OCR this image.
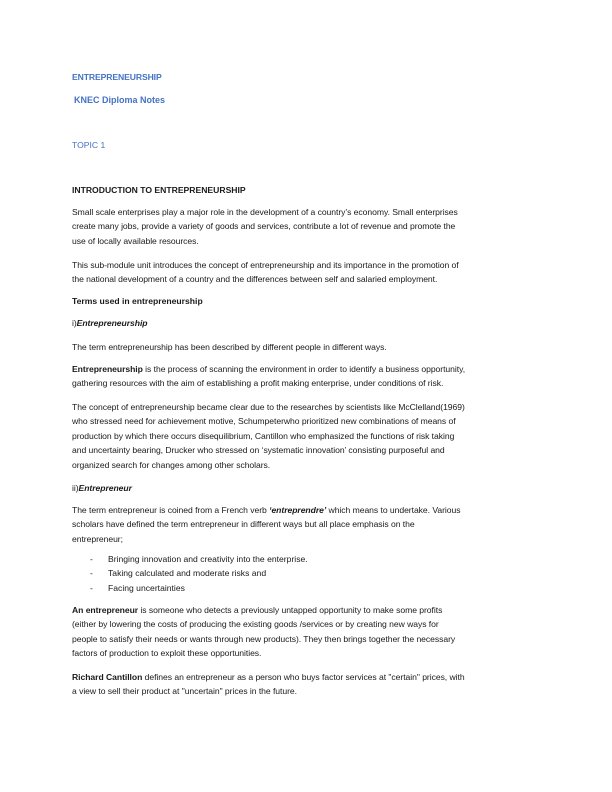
ENTREPRENEURSHIP
KNEC Diploma Notes
TOPIC 1
INTRODUCTION TO ENTREPRENEURSHIP
Small scale enterprises play a major role in the development of a country’s economy. Small enterprises
create many jobs, provide a variety of goods and services, contribute a lot of revenue and promote the
use of locally available resources.
This sub-module unit introduces the concept of entrepreneurship and its importance in the promotion of
the national development of a country and the differences between self and salaried employment.
Terms used in entrepreneurship
i)Entrepreneurship
The term entrepreneurship has been described by different people in different ways.
Entrepreneurship is the process of scanning the environment in order to identify a business opportunity,
gathering resources with the aim of establishing a profit making enterprise, under conditions of risk.
The concept of entrepreneurship became clear due to the researches by scientists like McClelland(1969)
who stressed need for achievement motive, Schumpeterwho prioritized new combinations of means of
production by which there occurs disequilibrium, Cantillon who emphasized the functions of risk taking
and uncertainty bearing, Drucker who stressed on ‘systematic innovation’ consisting purposeful and
organized search for changes among other scholars.
ii)Entrepreneur
The term entrepreneur is coined from a French verb ‘entreprendre’ which means to undertake. Various
scholars have defined the term entrepreneur in different ways but all place emphasis on the
entrepreneur;
-	Bringing innovation and creativity into the enterprise.
-	Taking calculated and moderate risks and
-	Facing uncertainties
An entrepreneur is someone who detects a previously untapped opportunity to make some profits
(either by lowering the costs of producing the existing goods /services or by creating new ways for
people to satisfy their needs or wants through new products). They then brings together the necessary
factors of production to exploit these opportunities.
Richard Cantillon defines an entrepreneur as a person who buys factor services at "certain" prices, with
a view to sell their product at "uncertain" prices in the future.
